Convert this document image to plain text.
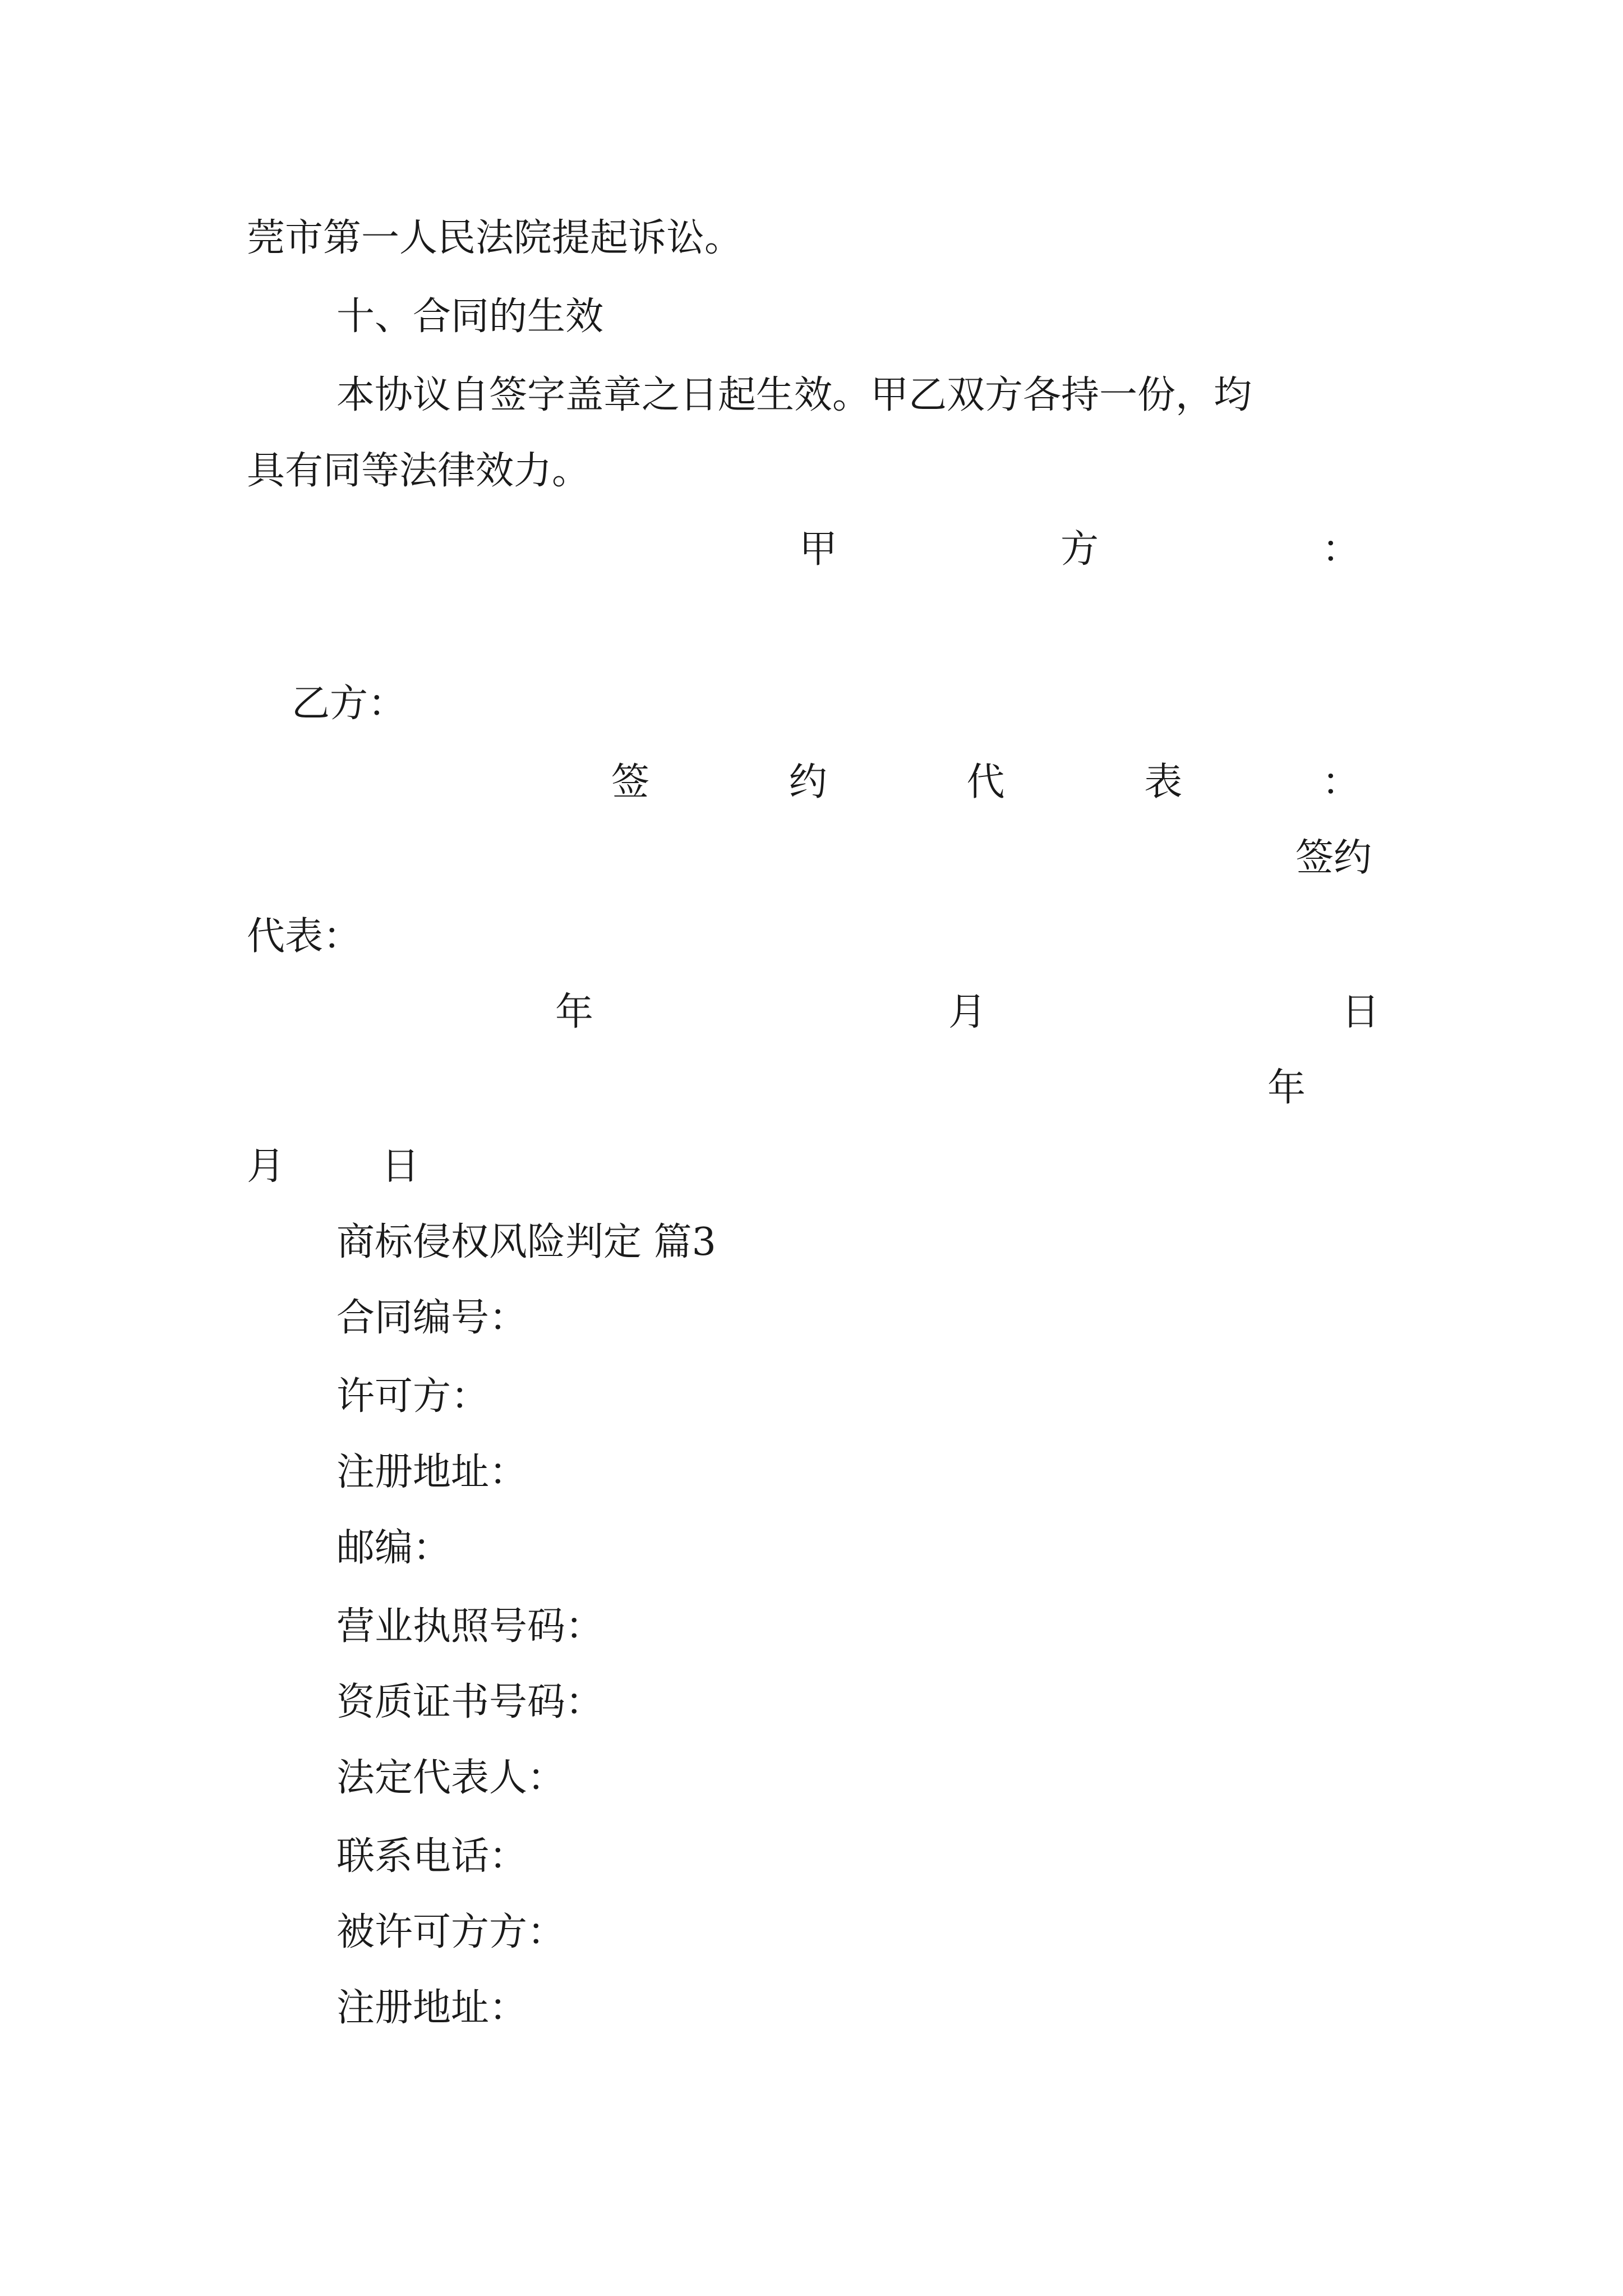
莞市第一人民法院提起诉讼。
十、合同的生效
本协议自签字盖章之日起生效。甲乙双方各持一份，均
具有同等法律效力。
甲	方	：
乙方：
签	约	代	表	：
签约
代表：
年	月	日
年
月	日
商标侵权风险判定 篇3
合同编号：
许可方：
注册地址：
邮编：
营业执照号码：
资质证书号码：
法定代表人：
联系电话：
被许可方方：
注册地址：
